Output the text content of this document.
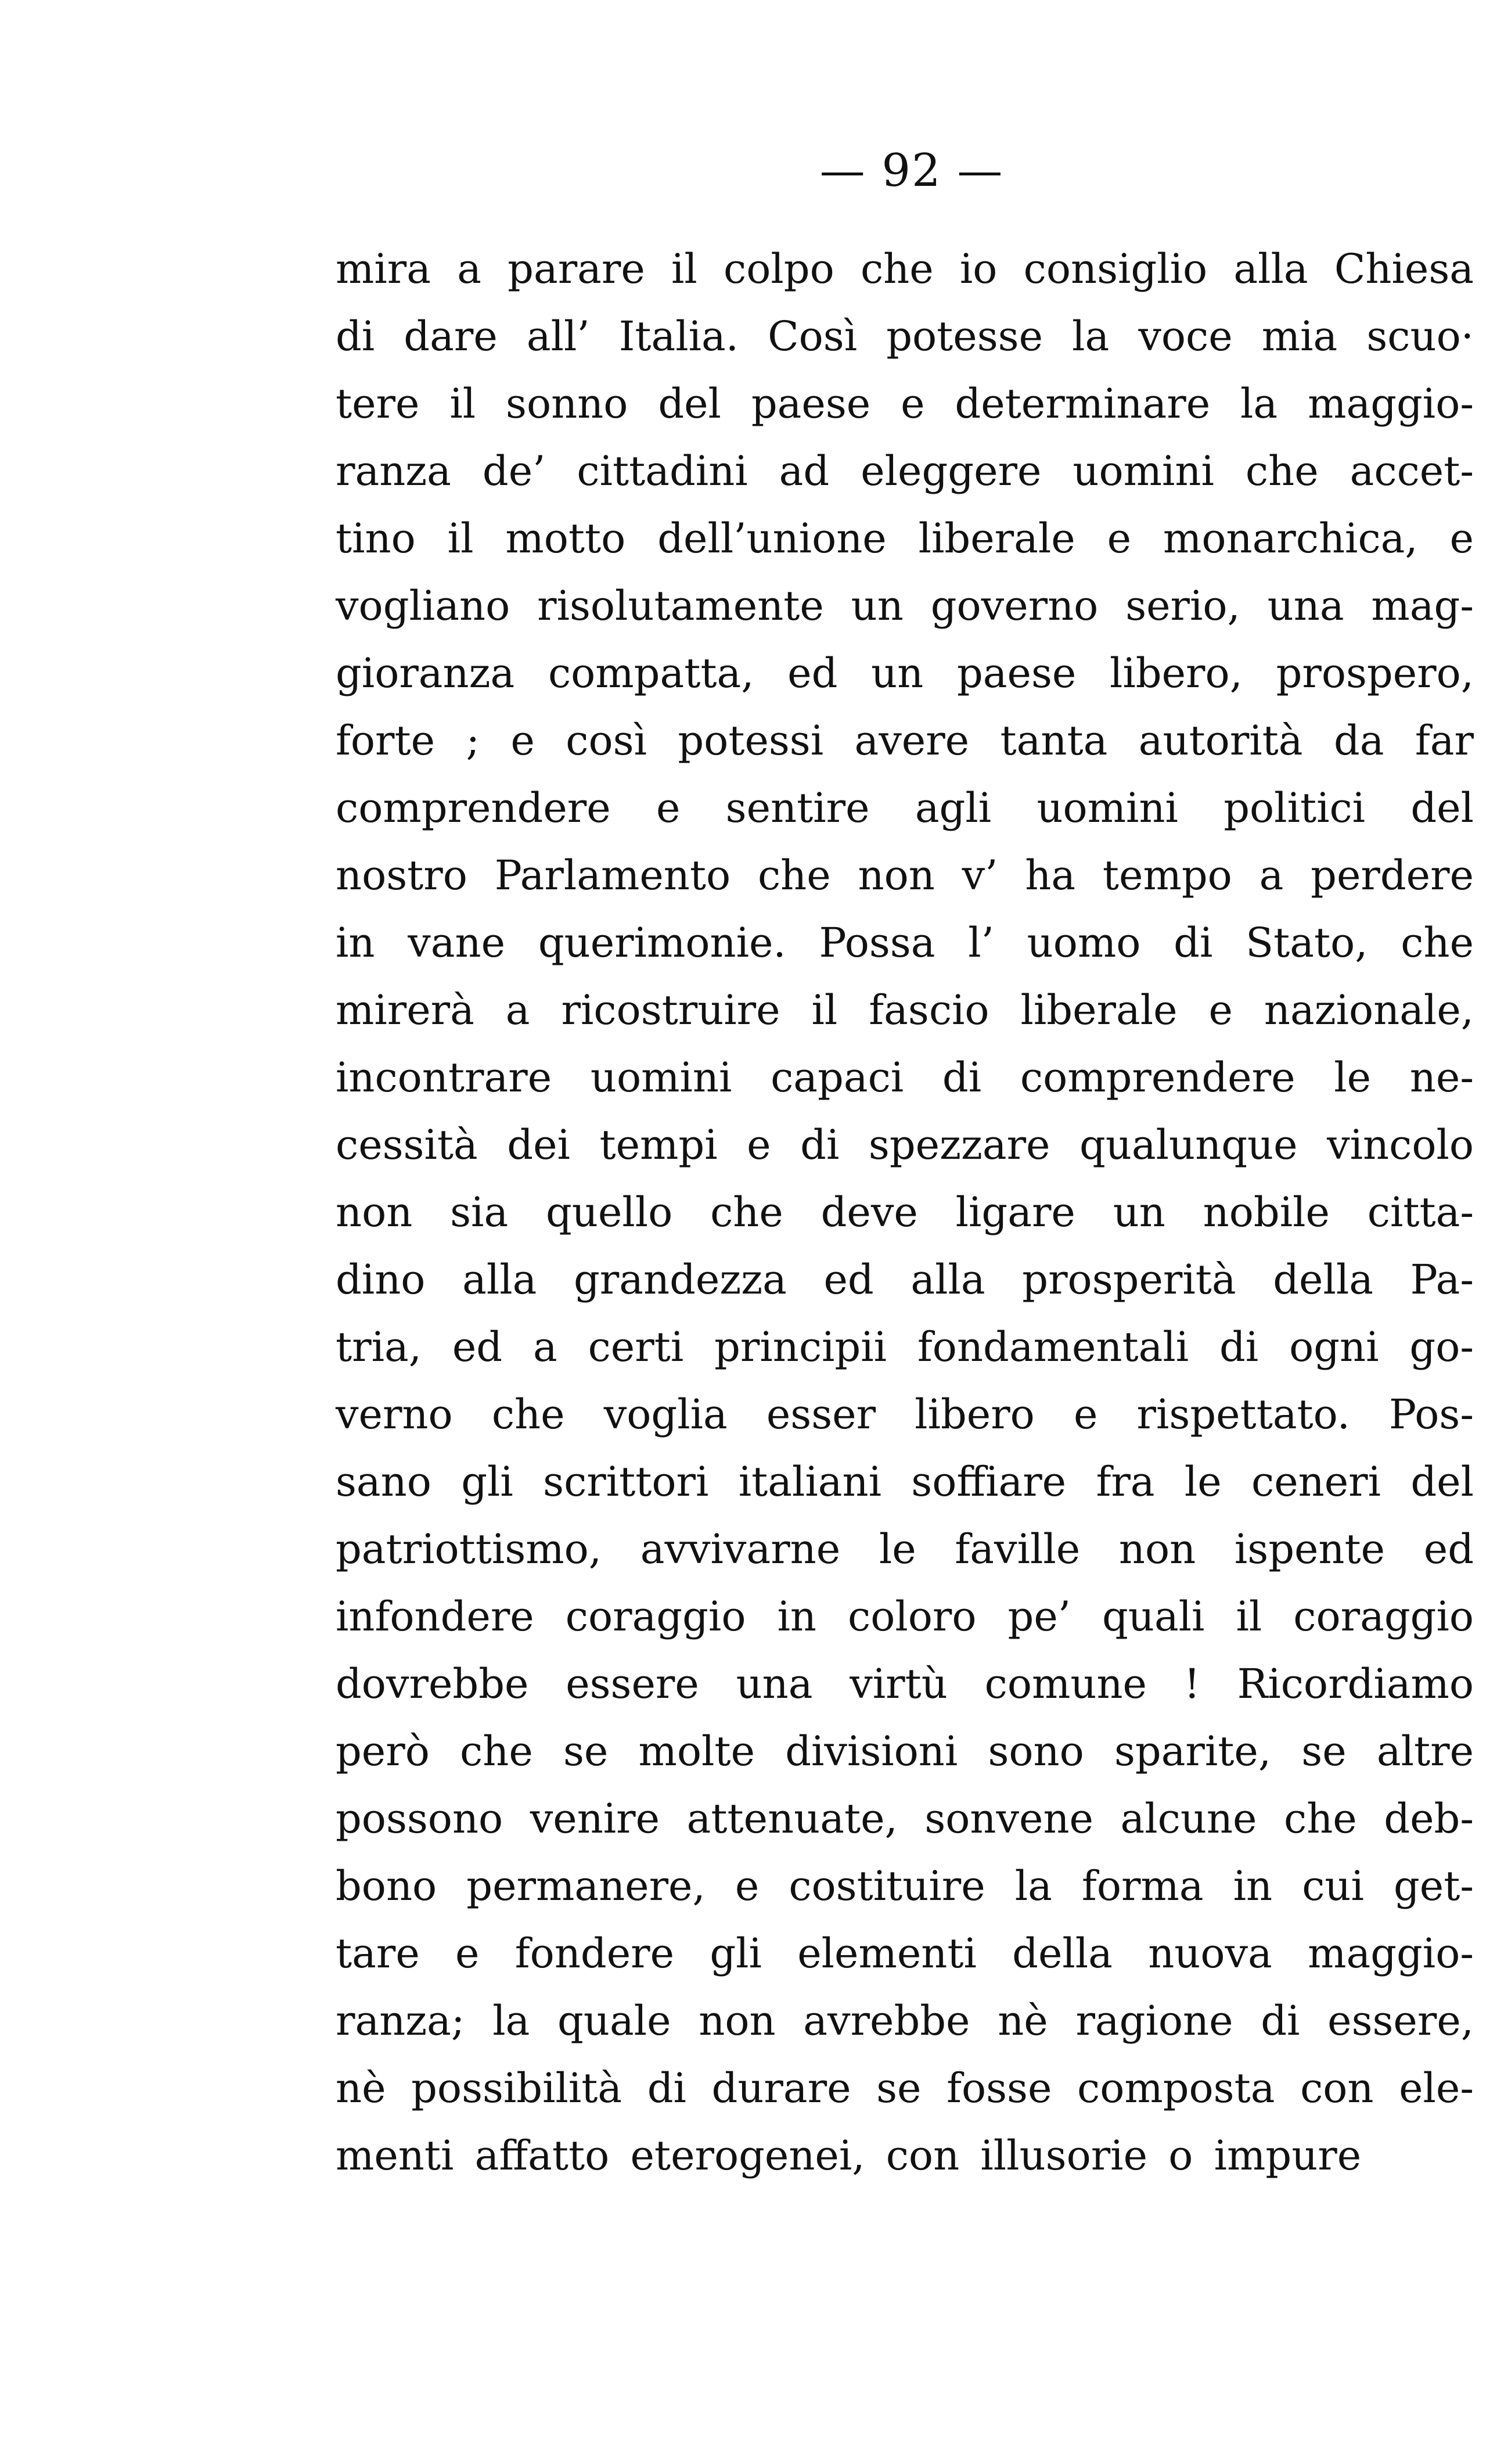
— 92 —
mira a parare il colpo che io consiglio alla Chiesa
di dare all’ Italia. Così potesse la voce mia scuo·
tere il sonno del paese e determinare la maggio-
ranza de’ cittadini ad eleggere uomini che accet-
tino il motto dell’unione liberale e monarchica, e
vogliano risolutamente un governo serio, una mag-
gioranza compatta, ed un paese libero, prospero,
forte ; e così potessi avere tanta autorità da far
comprendere e sentire agli uomini politici del
nostro Parlamento che non v’ ha tempo a perdere
in vane querimonie. Possa l’ uomo di Stato, che
mirerà a ricostruire il fascio liberale e nazionale,
incontrare uomini capaci di comprendere le ne-
cessità dei tempi e di spezzare qualunque vincolo
non sia quello che deve ligare un nobile citta-
dino alla grandezza ed alla prosperità della Pa-
tria, ed a certi principii fondamentali di ogni go-
verno che voglia esser libero e rispettato. Pos-
sano gli scrittori italiani soffiare fra le ceneri del
patriottismo, avvivarne le faville non ispente ed
infondere coraggio in coloro pe’ quali il coraggio
dovrebbe essere una virtù comune ! Ricordiamo
però che se molte divisioni sono sparite, se altre
possono venire attenuate, sonvene alcune che deb-
bono permanere, e costituire la forma in cui get-
tare e fondere gli elementi della nuova maggio-
ranza; la quale non avrebbe nè ragione di essere,
nè possibilità di durare se fosse composta con ele-
menti affatto eterogenei, con illusorie o impure
